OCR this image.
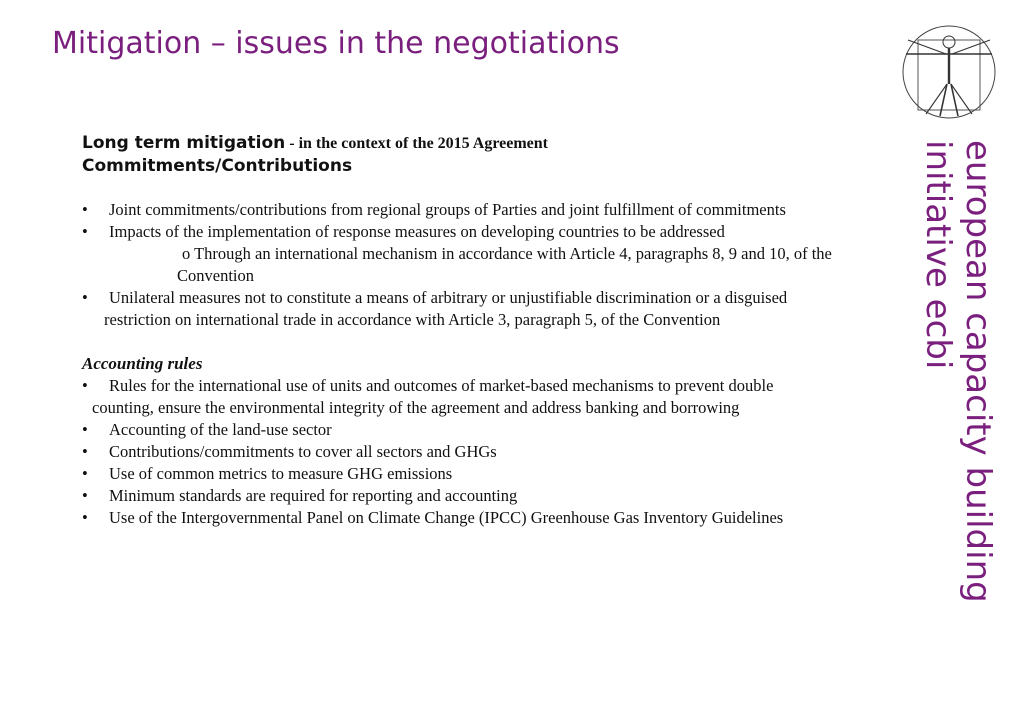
Mitigation – issues in the negotiations
european capacity building
initiative ecbi
Long term mitigation - in the context of the 2015 Agreement
Commitments/Contributions
• Joint commitments/contributions from regional groups of Parties and joint fulfillment of commitments
• Impacts of the implementation of response measures on developing countries to be addressed
o Through an international mechanism in accordance with Article 4, paragraphs 8, 9 and 10, of the
Convention
• Unilateral measures not to constitute a means of arbitrary or unjustifiable discrimination or a disguised
restriction on international trade in accordance with Article 3, paragraph 5, of the Convention
Accounting rules
• Rules for the international use of units and outcomes of market-based mechanisms to prevent double
counting, ensure the environmental integrity of the agreement and address banking and borrowing
• Accounting of the land-use sector
• Contributions/commitments to cover all sectors and GHGs
• Use of common metrics to measure GHG emissions
• Minimum standards are required for reporting and accounting
• Use of the Intergovernmental Panel on Climate Change (IPCC) Greenhouse Gas Inventory Guidelines
